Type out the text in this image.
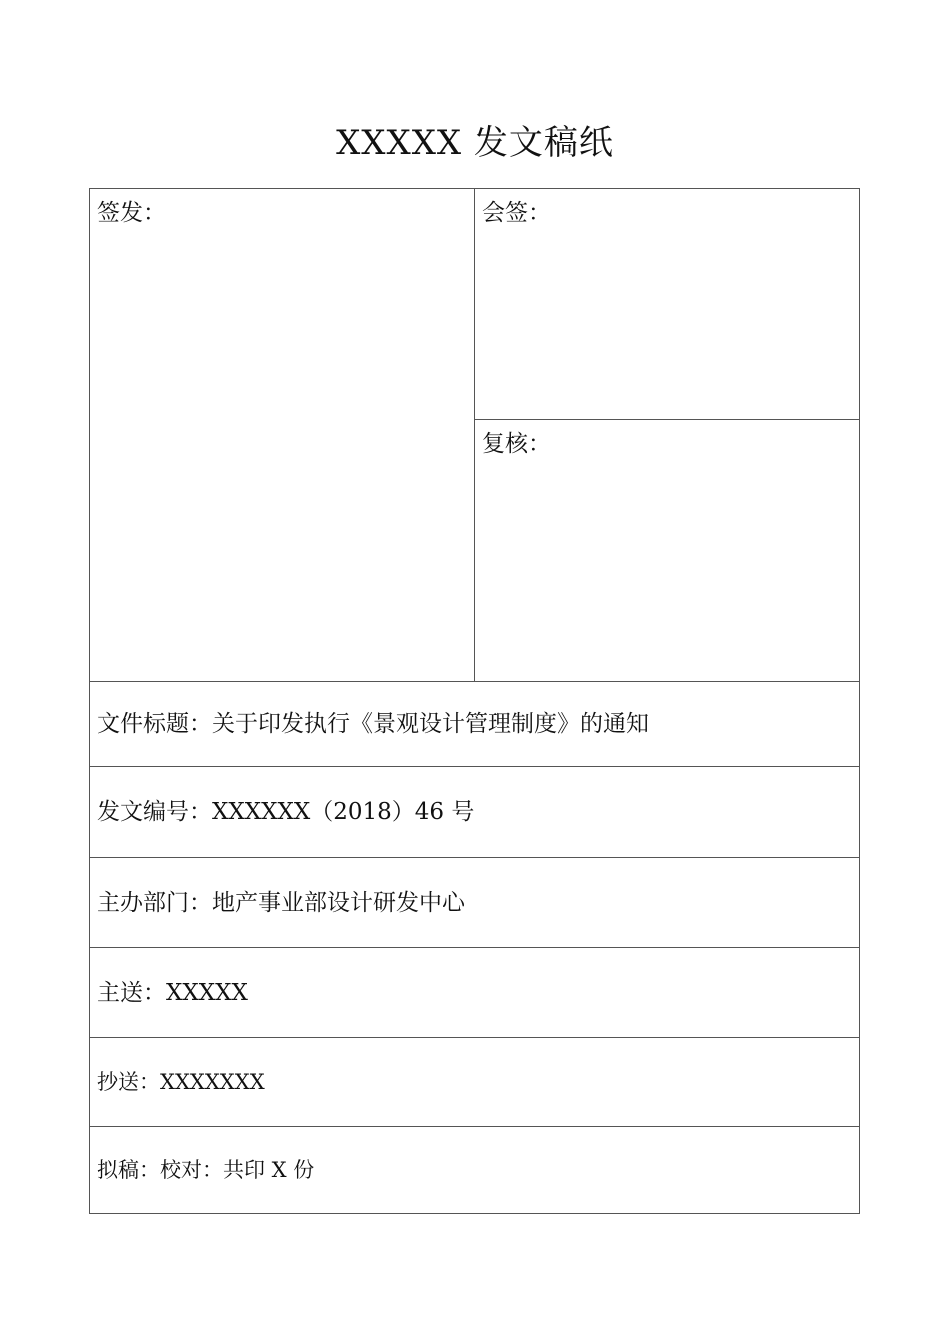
XXXXX 发文稿纸
签发：	会签：
复核：
文件标题：关于印发执行《景观设计管理制度》的通知
发文编号：XXXXXX（2018）46 号
主办部门：地产事业部设计研发中心
主送：XXXXX
抄送：XXXXXXX
拟稿：校对：共印 X 份
